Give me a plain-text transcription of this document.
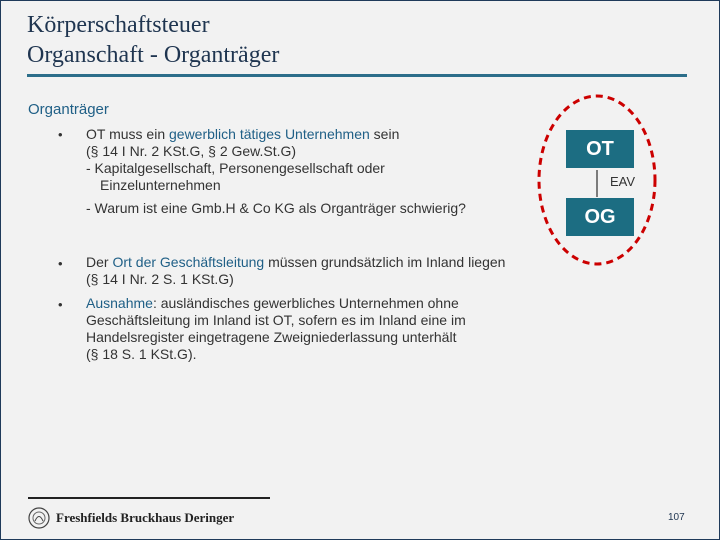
Körperschaftsteuer
Organschaft - Organträger
Organträger
• OT muss ein gewerblich tätiges Unternehmen sein
(§ 14 I Nr. 2 KSt.G, § 2 Gew.St.G)
- Kapitalgesellschaft, Personengesellschaft oder
Einzelunternehmen
- Warum ist eine Gmb.H & Co KG als Organträger schwierig?
• Der Ort der Geschäftsleitung müssen grundsätzlich im Inland liegen
(§ 14 I Nr. 2 S. 1 KSt.G)
• Ausnahme: ausländisches gewerbliches Unternehmen ohne
Geschäftsleitung im Inland ist OT, sofern es im Inland eine im
Handelsregister eingetragene Zweigniederlassung unterhält
(§ 18 S. 1 KSt.G).
OT
EAV
OG
Freshfields Bruckhaus Deringer	107
